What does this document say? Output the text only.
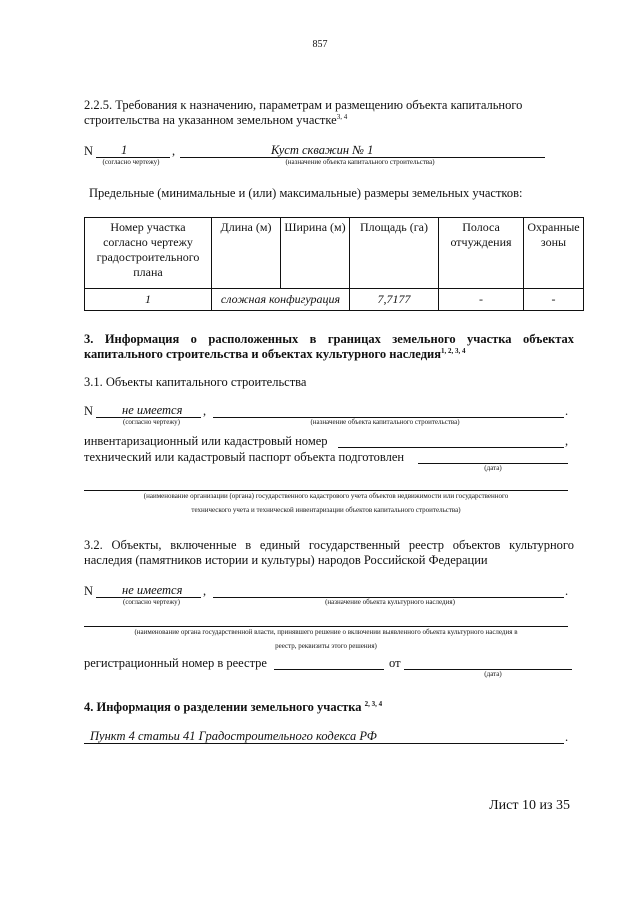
857
2.2.5. Требования к назначению, параметрам и размещению объекта капитального строительства на указанном земельном участке$^{3, 4}$
N 1	,	Куст скважин № 1
(согласно чертежу)	(назначение объекта капитального строительства)
Предельные (минимальные и (или) максимальные) размеры земельных участков:
Номер участка согласно чертежу градостроительного плана	Длина (м)	Ширина (м)	Площадь (га)	Полоса отчуждения	Охранные зоны
1	сложная конфигурация		7,7177	-	-
3. Информация о расположенных в границах земельного участка объектах капитального строительства и объектах культурного наследия$^{1, 2, 3, 4}$
3.1. Объекты капитального строительства
N не имеется ,	.
(согласно чертежу)	(назначение объекта капитального строительства)
инвентаризационный или кадастровый номер	,
технический или кадастровый паспорт объекта подготовлен
(дата)
(наименование организации (органа) государственного кадастрового учета объектов недвижимости или государственного
технического учета и технической инвентаризации объектов капитального строительства)
3.2. Объекты, включенные в единый государственный реестр объектов культурного наследия (памятников истории и культуры) народов Российской Федерации
N не имеется ,	.
(согласно чертежу)	(назначение объекта культурного наследия)
(наименование органа государственной власти, принявшего решение о включении выявленного объекта культурного наследия в
реестр, реквизиты этого решения)
регистрационный номер в реестре	от
(дата)
4. Информация о разделении земельного участка $^{2, 3, 4}$
Пункт 4 статьи 41 Градостроительного кодекса РФ	.
Лист 10 из 35
